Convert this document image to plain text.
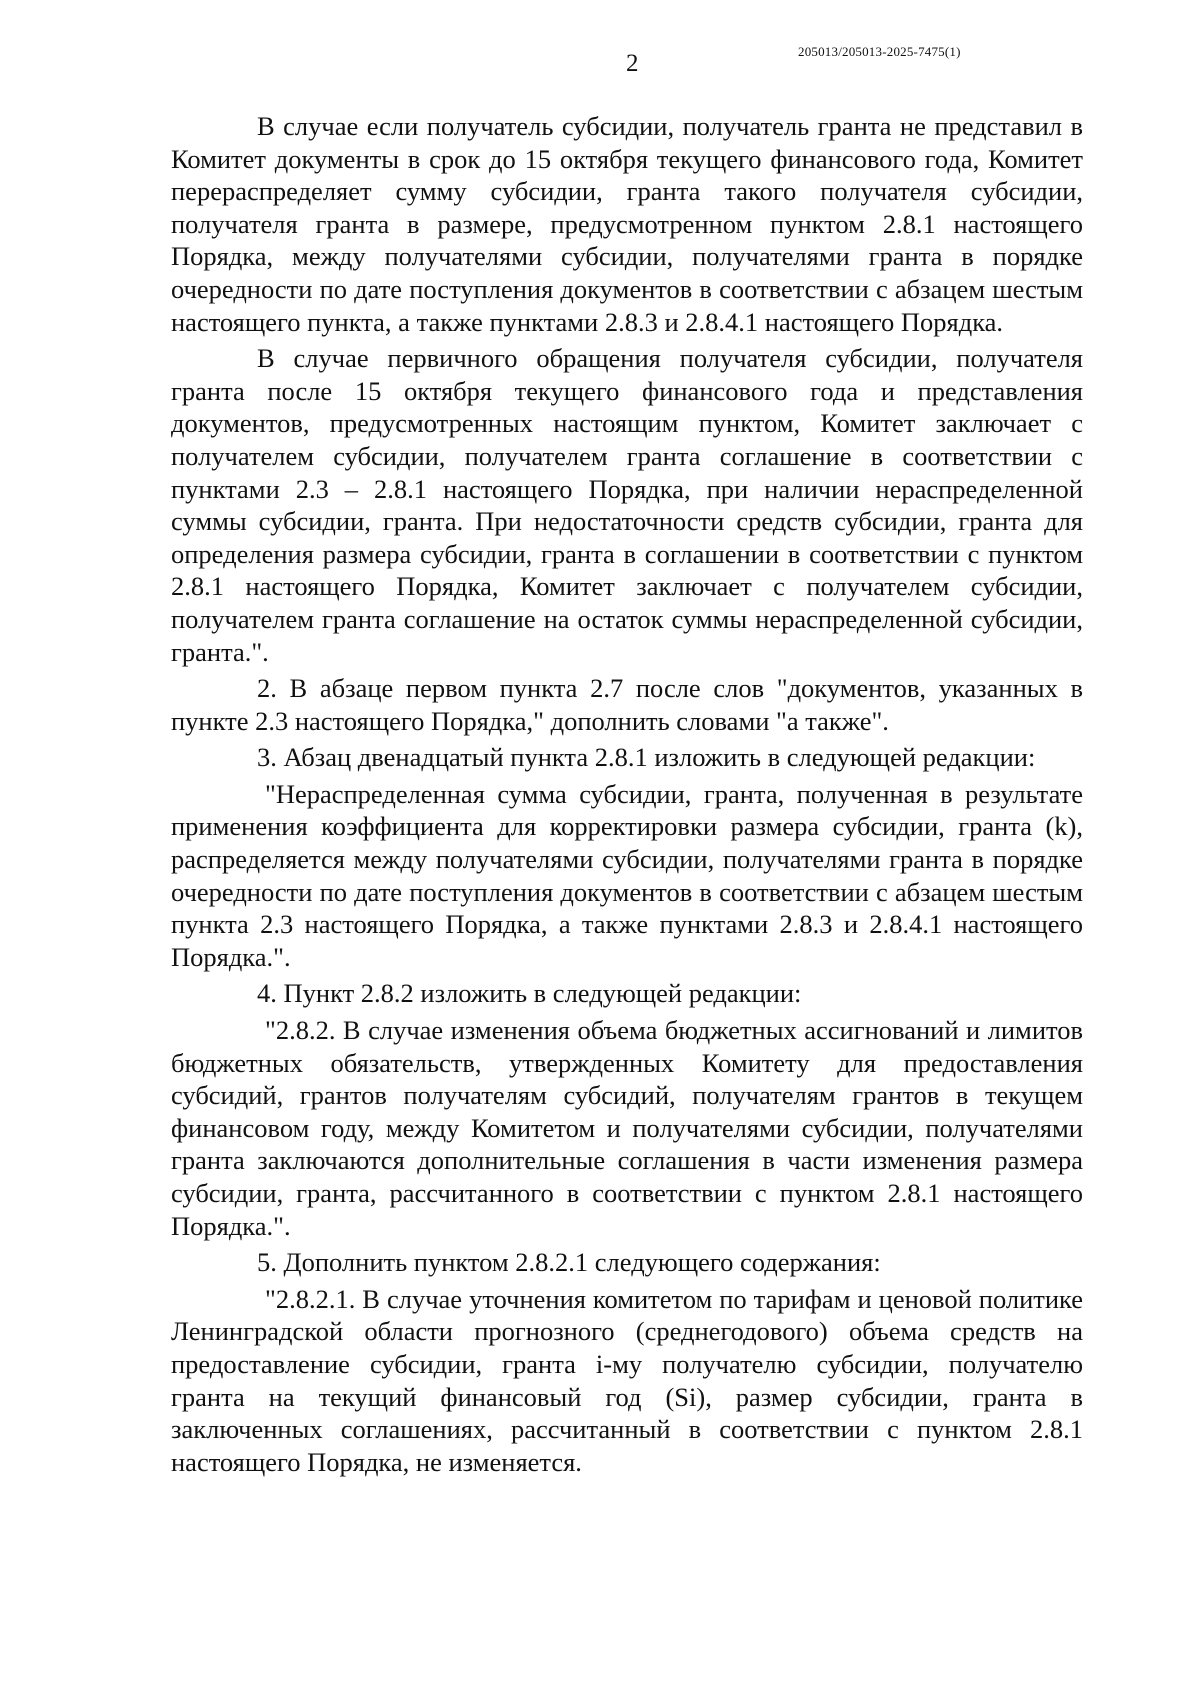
2	205013/205013-2025-7475(1)

В случае если получатель субсидии, получатель гранта не представил в Комитет документы в срок до 15 октября текущего финансового года, Комитет перераспределяет сумму субсидии, гранта такого получателя субсидии, получателя гранта в размере, предусмотренном пунктом 2.8.1 настоящего Порядка, между получателями субсидии, получателями гранта в порядке очередности по дате поступления документов в соответствии с абзацем шестым настоящего пункта, а также пунктами 2.8.3 и 2.8.4.1 настоящего Порядка.

В случае первичного обращения получателя субсидии, получателя гранта после 15 октября текущего финансового года и представления документов, предусмотренных настоящим пунктом, Комитет заключает с получателем субсидии, получателем гранта соглашение в соответствии с пунктами 2.3 – 2.8.1 настоящего Порядка, при наличии нераспределенной суммы субсидии, гранта. При недостаточности средств субсидии, гранта для определения размера субсидии, гранта в соглашении в соответствии с пунктом 2.8.1 настоящего Порядка, Комитет заключает с получателем субсидии, получателем гранта соглашение на остаток суммы нераспределенной субсидии, гранта.".

2. В абзаце первом пункта 2.7 после слов "документов, указанных в пункте 2.3 настоящего Порядка," дополнить словами "а также".

3. Абзац двенадцатый пункта 2.8.1 изложить в следующей редакции:

"Нераспределенная сумма субсидии, гранта, полученная в результате применения коэффициента для корректировки размера субсидии, гранта (k), распределяется между получателями субсидии, получателями гранта в порядке очередности по дате поступления документов в соответствии с абзацем шестым пункта 2.3 настоящего Порядка, а также пунктами 2.8.3 и 2.8.4.1 настоящего Порядка.".

4. Пункт 2.8.2 изложить в следующей редакции:

"2.8.2. В случае изменения объема бюджетных ассигнований и лимитов бюджетных обязательств, утвержденных Комитету для предоставления субсидий, грантов получателям субсидий, получателям грантов в текущем финансовом году, между Комитетом и получателями субсидии, получателями гранта заключаются дополнительные соглашения в части изменения размера субсидии, гранта, рассчитанного в соответствии с пунктом 2.8.1 настоящего Порядка.".

5. Дополнить пунктом 2.8.2.1 следующего содержания:

"2.8.2.1. В случае уточнения комитетом по тарифам и ценовой политике Ленинградской области прогнозного (среднегодового) объема средств на предоставление субсидии, гранта i-му получателю субсидии, получателю гранта на текущий финансовый год (Si), размер субсидии, гранта в заключенных соглашениях, рассчитанный в соответствии с пунктом 2.8.1 настоящего Порядка, не изменяется.
